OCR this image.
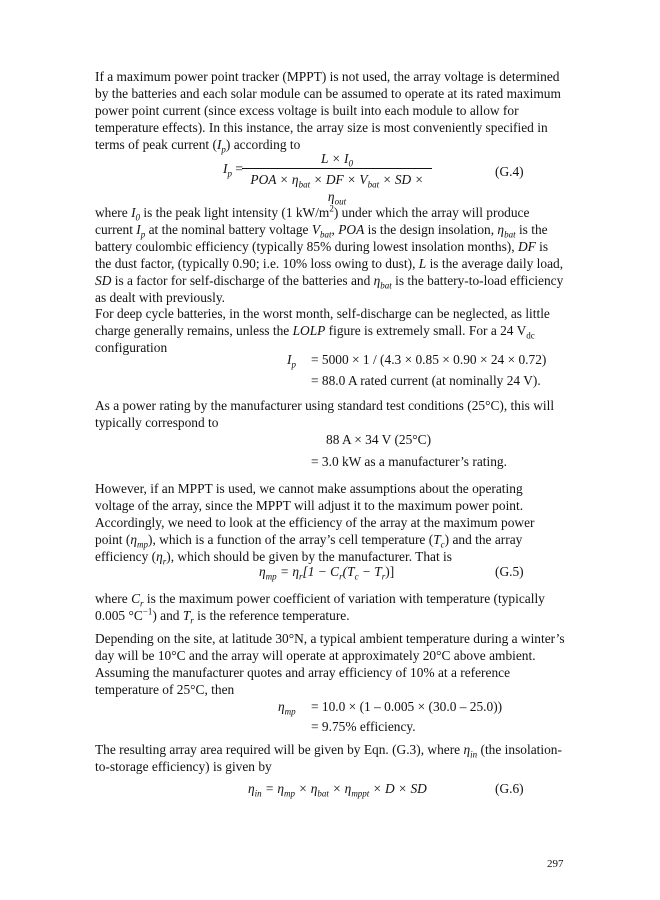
If a maximum power point tracker (MPPT) is not used, the array voltage is determined by the batteries and each solar module can be assumed to operate at its rated maximum power point current (since excess voltage is built into each module to allow for temperature effects). In this instance, the array size is most conveniently specified in terms of peak current $(I_p)$ according to

$I_p$ =
$L \times I_0$
POA × $\eta_{bat}$ × DF × $V_{bat}$ × SD × $\eta_{out}$
(G.4)

where $I_0$ is the peak light intensity (1 $kW/m^2$) under which the array will produce current $I_p$ at the nominal battery voltage $V_{bat}$, POA is the design insolation, $\eta_{bat}$ is the battery coulombic efficiency (typically 85% during lowest insolation months), DF is the dust factor, (typically 0.90; i.e. 10% loss owing to dust), L is the average daily load, SD is a factor for self-discharge of the batteries and $\eta_{bat}$ is the battery-to-load efficiency as dealt with previously.

For deep cycle batteries, in the worst month, self-discharge can be neglected, as little charge generally remains, unless the LOLP figure is extremely small. For a 24 $V_{dc}$ configuration

$I_p = 5000 \times 1 / (4.3 \times 0.85 \times 0.90 \times 24 \times 0.72)$
= 88.0 A rated current (at nominally 24 V).

As a power rating by the manufacturer using standard test conditions (25°C), this will typically correspond to

88 A × 34 V (25°C)
= 3.0 kW as a manufacturer’s rating.

However, if an MPPT is used, we cannot make assumptions about the operating voltage of the array, since the MPPT will adjust it to the maximum power point. Accordingly, we need to look at the efficiency of the array at the maximum power point $(\eta_{mp})$, which is a function of the array’s cell temperature $(T_c)$ and the array efficiency $(\eta_r)$, which should be given by the manufacturer. That is

$\eta_{mp} = \eta_r[1 - C_r(T_c - T_r)]$	(G.5)

where $C_r$ is the maximum power coefficient of variation with temperature (typically 0.005 $^\circ C^{-1}$) and $T_r$ is the reference temperature.

Depending on the site, at latitude 30°N, a typical ambient temperature during a winter’s day will be 10°C and the array will operate at approximately 20°C above ambient. Assuming the manufacturer quotes and array efficiency of 10% at a reference temperature of 25°C, then

$\eta_{mp} = 10.0 \times (1 - 0.005 \times (30.0 - 25.0))$
= 9.75% efficiency.

The resulting array area required will be given by Eqn. (G.3), where $\eta_{in}$ (the insolation-to-storage efficiency) is given by

$\eta_{in} = \eta_{mp} \times \eta_{bat} \times \eta_{mppt} \times D$ × SD	(G.6)
297
